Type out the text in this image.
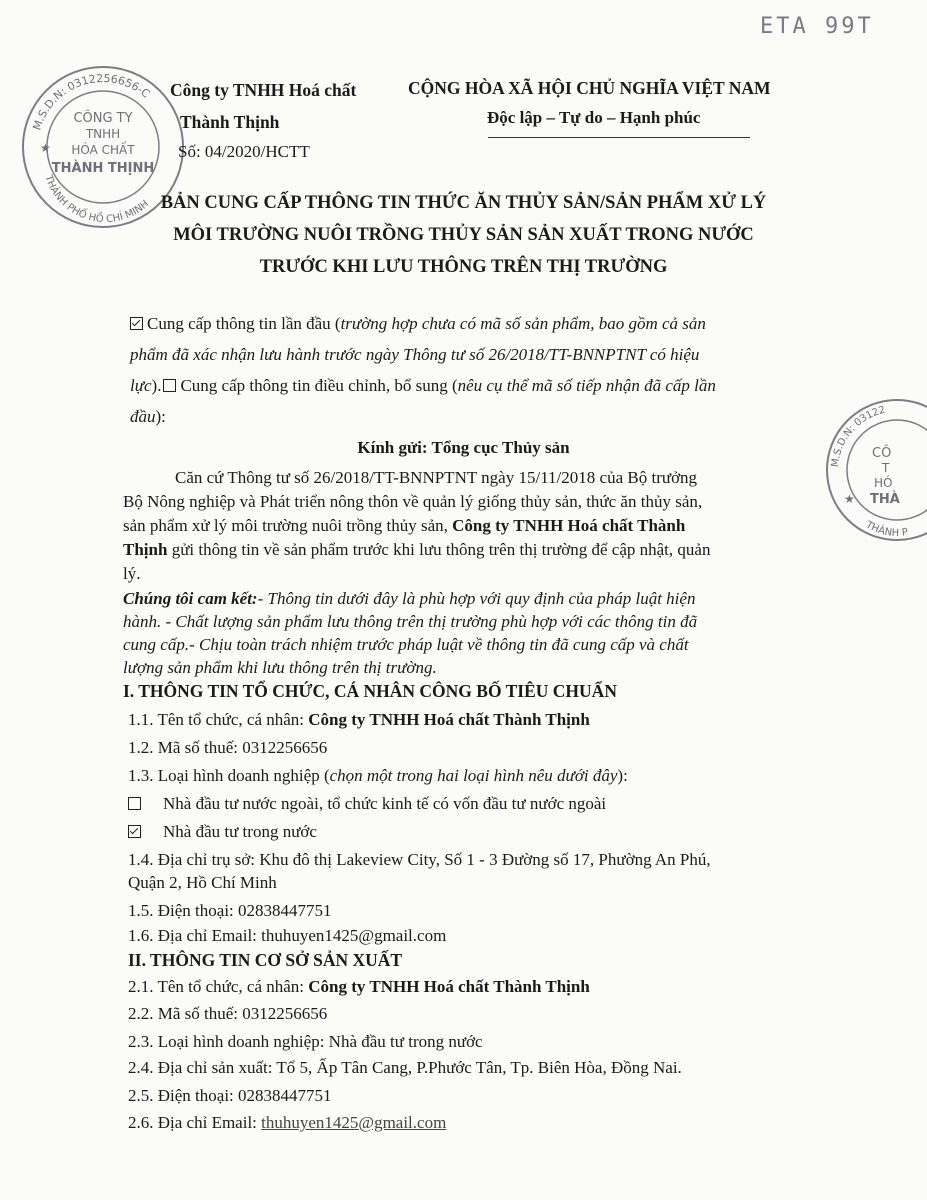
ETA 99T
M.S.D.N: 0312256656-C
THÀNH PHỐ HỒ CHÍ MINH
CÔNG TY
TNHH
HÓA CHẤT
THÀNH THỊNH
★
Công ty TNHH Hoá chất
Thành Thịnh
Số: 04/2020/HCTT
CỘNG HÒA XÃ HỘI CHỦ NGHĨA VIỆT NAM
Độc lập – Tự do – Hạnh phúc
M.S.D.N: 03122
THÀNH P
CÔ
T
HÓ
THÀ
★
BẢN CUNG CẤP THÔNG TIN THỨC ĂN THỦY SẢN/SẢN PHẨM XỬ LÝ
MÔI TRƯỜNG NUÔI TRỒNG THỦY SẢN SẢN XUẤT TRONG NƯỚC
TRƯỚC KHI LƯU THÔNG TRÊN THỊ TRƯỜNG
Cung cấp thông tin lần đầu (trường hợp chưa có mã số sản phẩm, bao gồm cả sản
phẩm đã xác nhận lưu hành trước ngày Thông tư số 26/2018/TT-BNNPTNT có hiệu
lực). Cung cấp thông tin điều chỉnh, bổ sung (nêu cụ thể mã số tiếp nhận đã cấp lần
đầu):
Kính gửi: Tổng cục Thủy sản
Căn cứ Thông tư số 26/2018/TT-BNNPTNT ngày 15/11/2018 của Bộ trưởng
Bộ Nông nghiệp và Phát triển nông thôn về quản lý giống thủy sản, thức ăn thủy sản,
sản phẩm xử lý môi trường nuôi trồng thủy sản, Công ty TNHH Hoá chất Thành
Thịnh gửi thông tin về sản phẩm trước khi lưu thông trên thị trường để cập nhật, quản
lý.
Chúng tôi cam kết:- Thông tin dưới đây là phù hợp với quy định của pháp luật hiện
hành. - Chất lượng sản phẩm lưu thông trên thị trường phù hợp với các thông tin đã
cung cấp.- Chịu toàn trách nhiệm trước pháp luật về thông tin đã cung cấp và chất
lượng sản phẩm khi lưu thông trên thị trường.
I. THÔNG TIN TỔ CHỨC, CÁ NHÂN CÔNG BỐ TIÊU CHUẨN
1.1. Tên tổ chức, cá nhân: Công ty TNHH Hoá chất Thành Thịnh
1.2. Mã số thuế: 0312256656
1.3. Loại hình doanh nghiệp (chọn một trong hai loại hình nêu dưới đây):
Nhà đầu tư nước ngoài, tổ chức kinh tế có vốn đầu tư nước ngoài
Nhà đầu tư trong nước
1.4. Địa chỉ trụ sở: Khu đô thị Lakeview City, Số 1 - 3 Đường số 17, Phường An Phú,
Quận 2, Hồ Chí Minh
1.5. Điện thoại: 02838447751
1.6. Địa chỉ Email: thuhuyen1425@gmail.com
II. THÔNG TIN CƠ SỞ SẢN XUẤT
2.1. Tên tổ chức, cá nhân: Công ty TNHH Hoá chất Thành Thịnh
2.2. Mã số thuế: 0312256656
2.3. Loại hình doanh nghiệp: Nhà đầu tư trong nước
2.4. Địa chỉ sản xuất: Tổ 5, Ấp Tân Cang, P.Phước Tân, Tp. Biên Hòa, Đồng Nai.
2.5. Điện thoại: 02838447751
2.6. Địa chỉ Email: thuhuyen1425@gmail.com
